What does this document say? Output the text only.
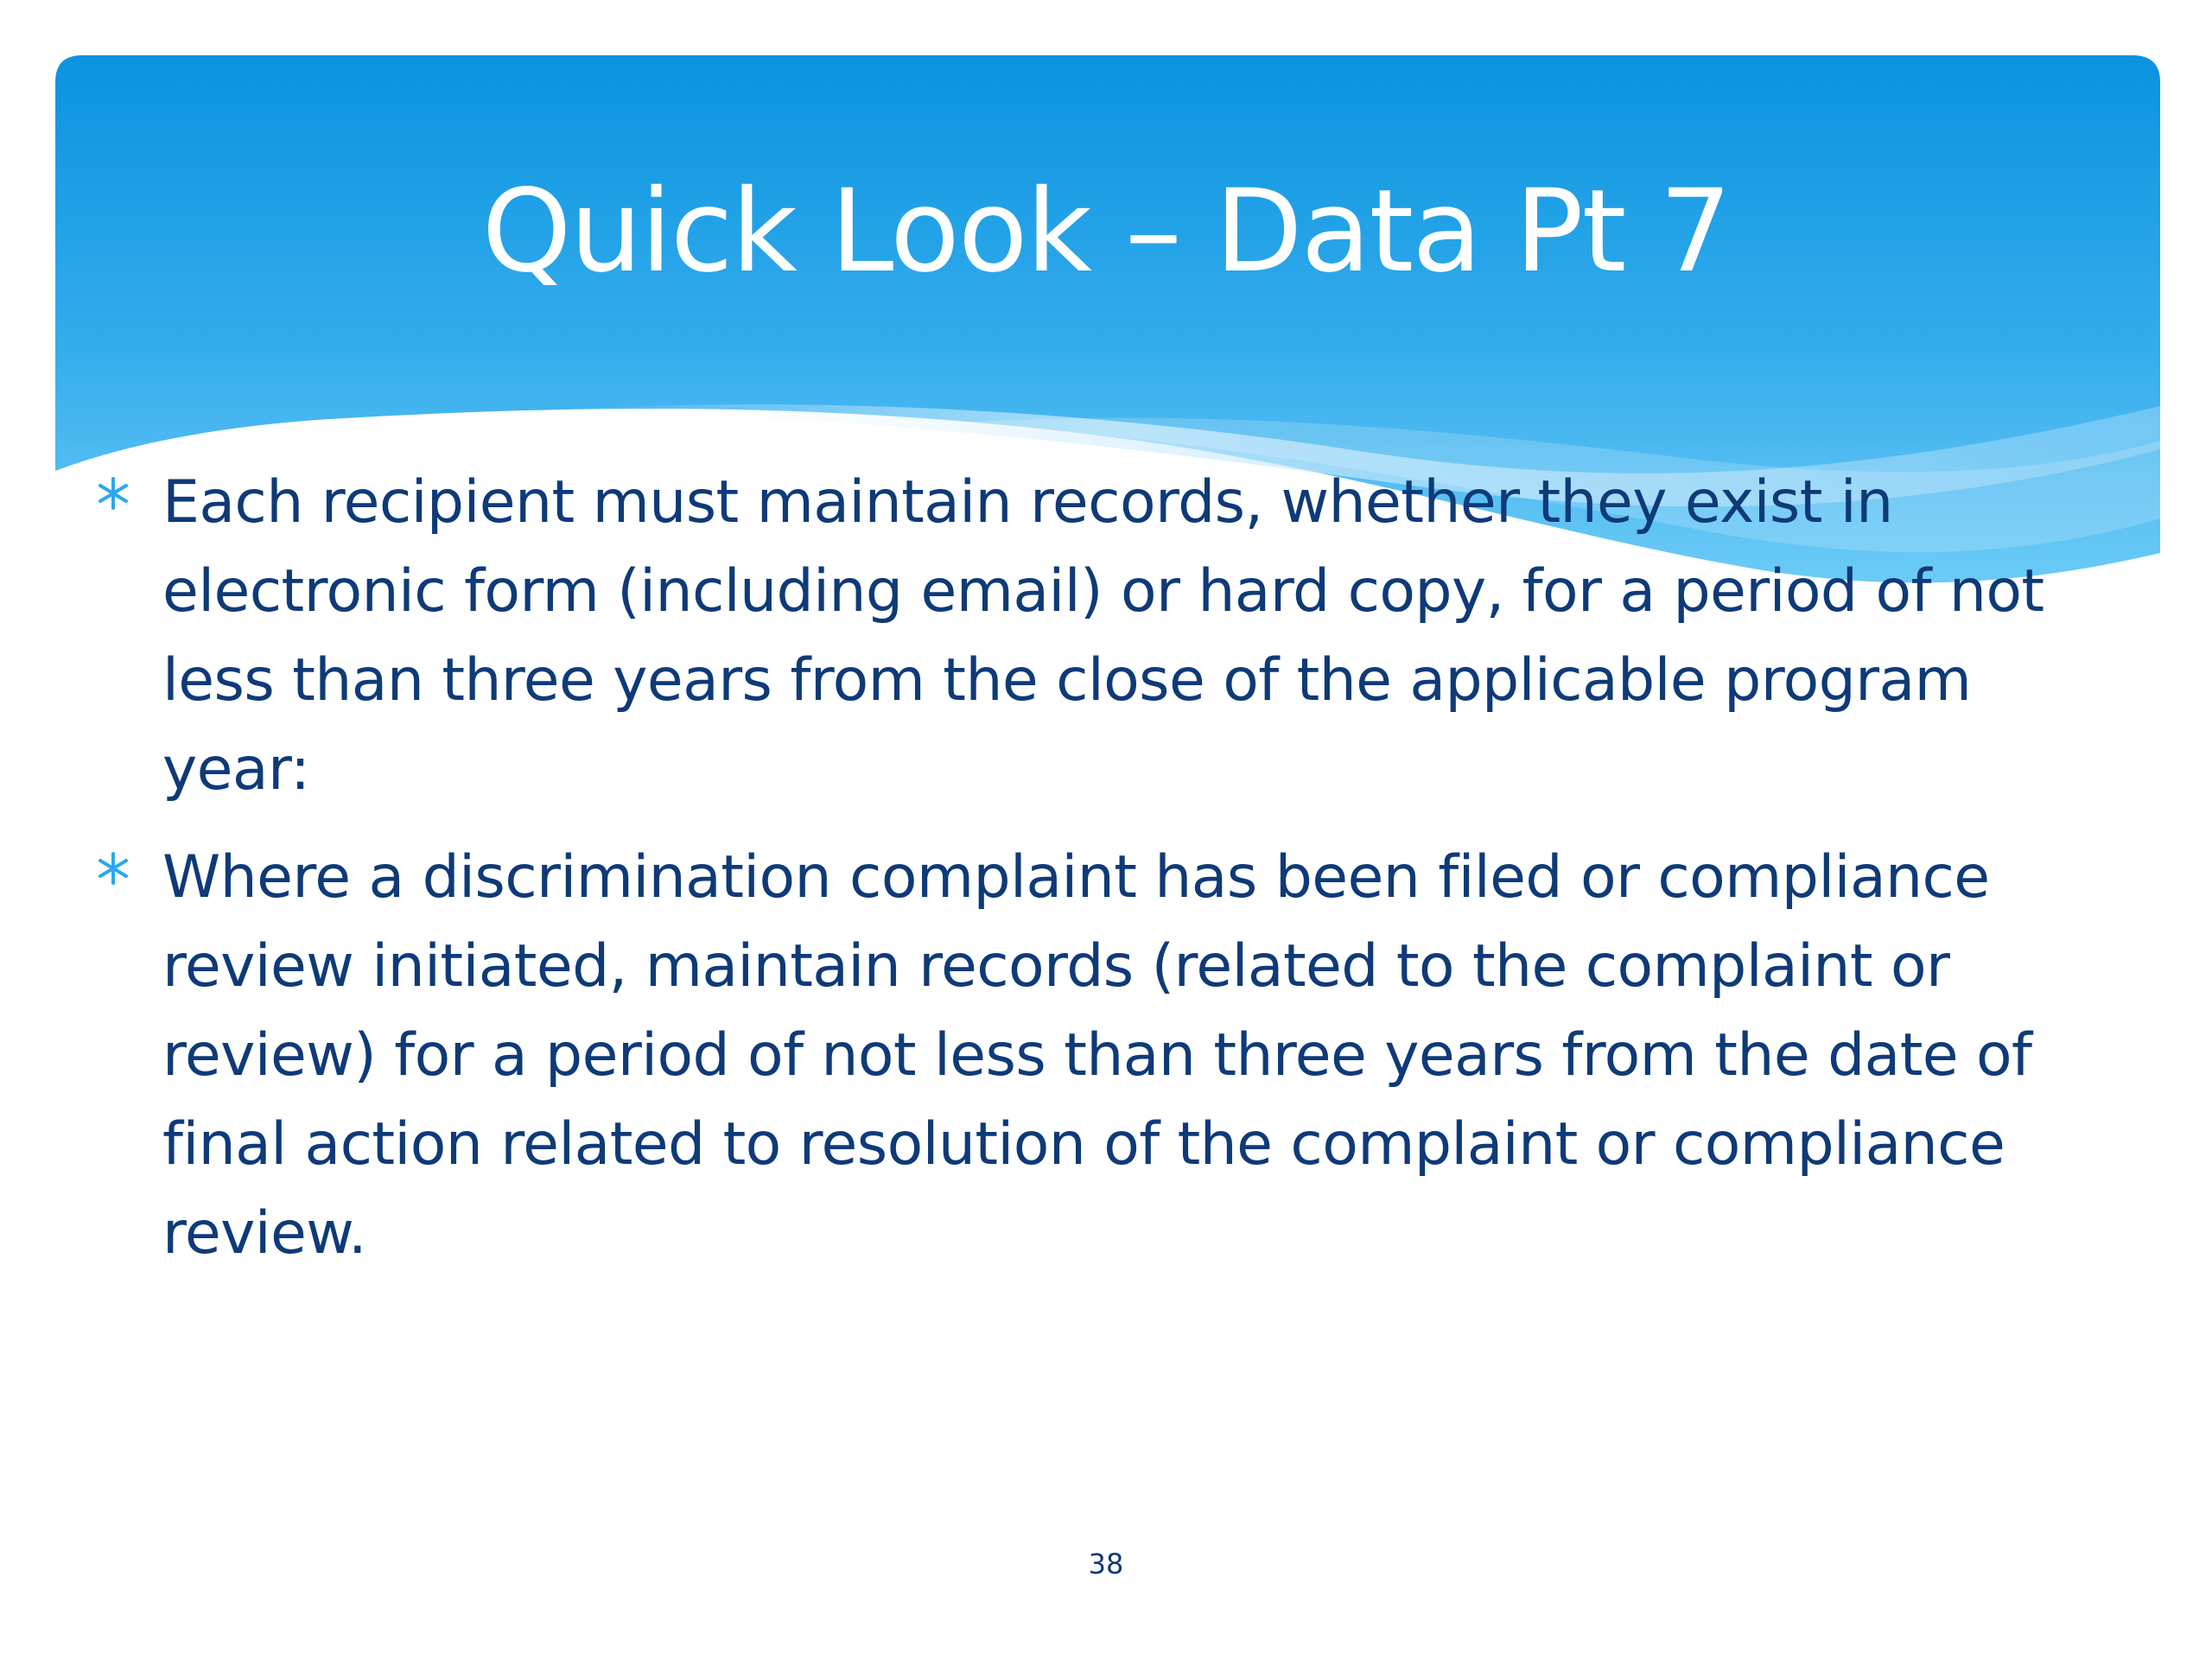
Quick Look – Data Pt 7
Each recipient must maintain records, whether they exist in electronic form (including email) or hard copy, for a period of not less than three years from the close of the applicable program year:
Where a discrimination complaint has been filed or compliance review initiated, maintain records (related to the complaint or review) for a period of not less than three years from the date of final action related to resolution of the complaint or compliance review.
38
